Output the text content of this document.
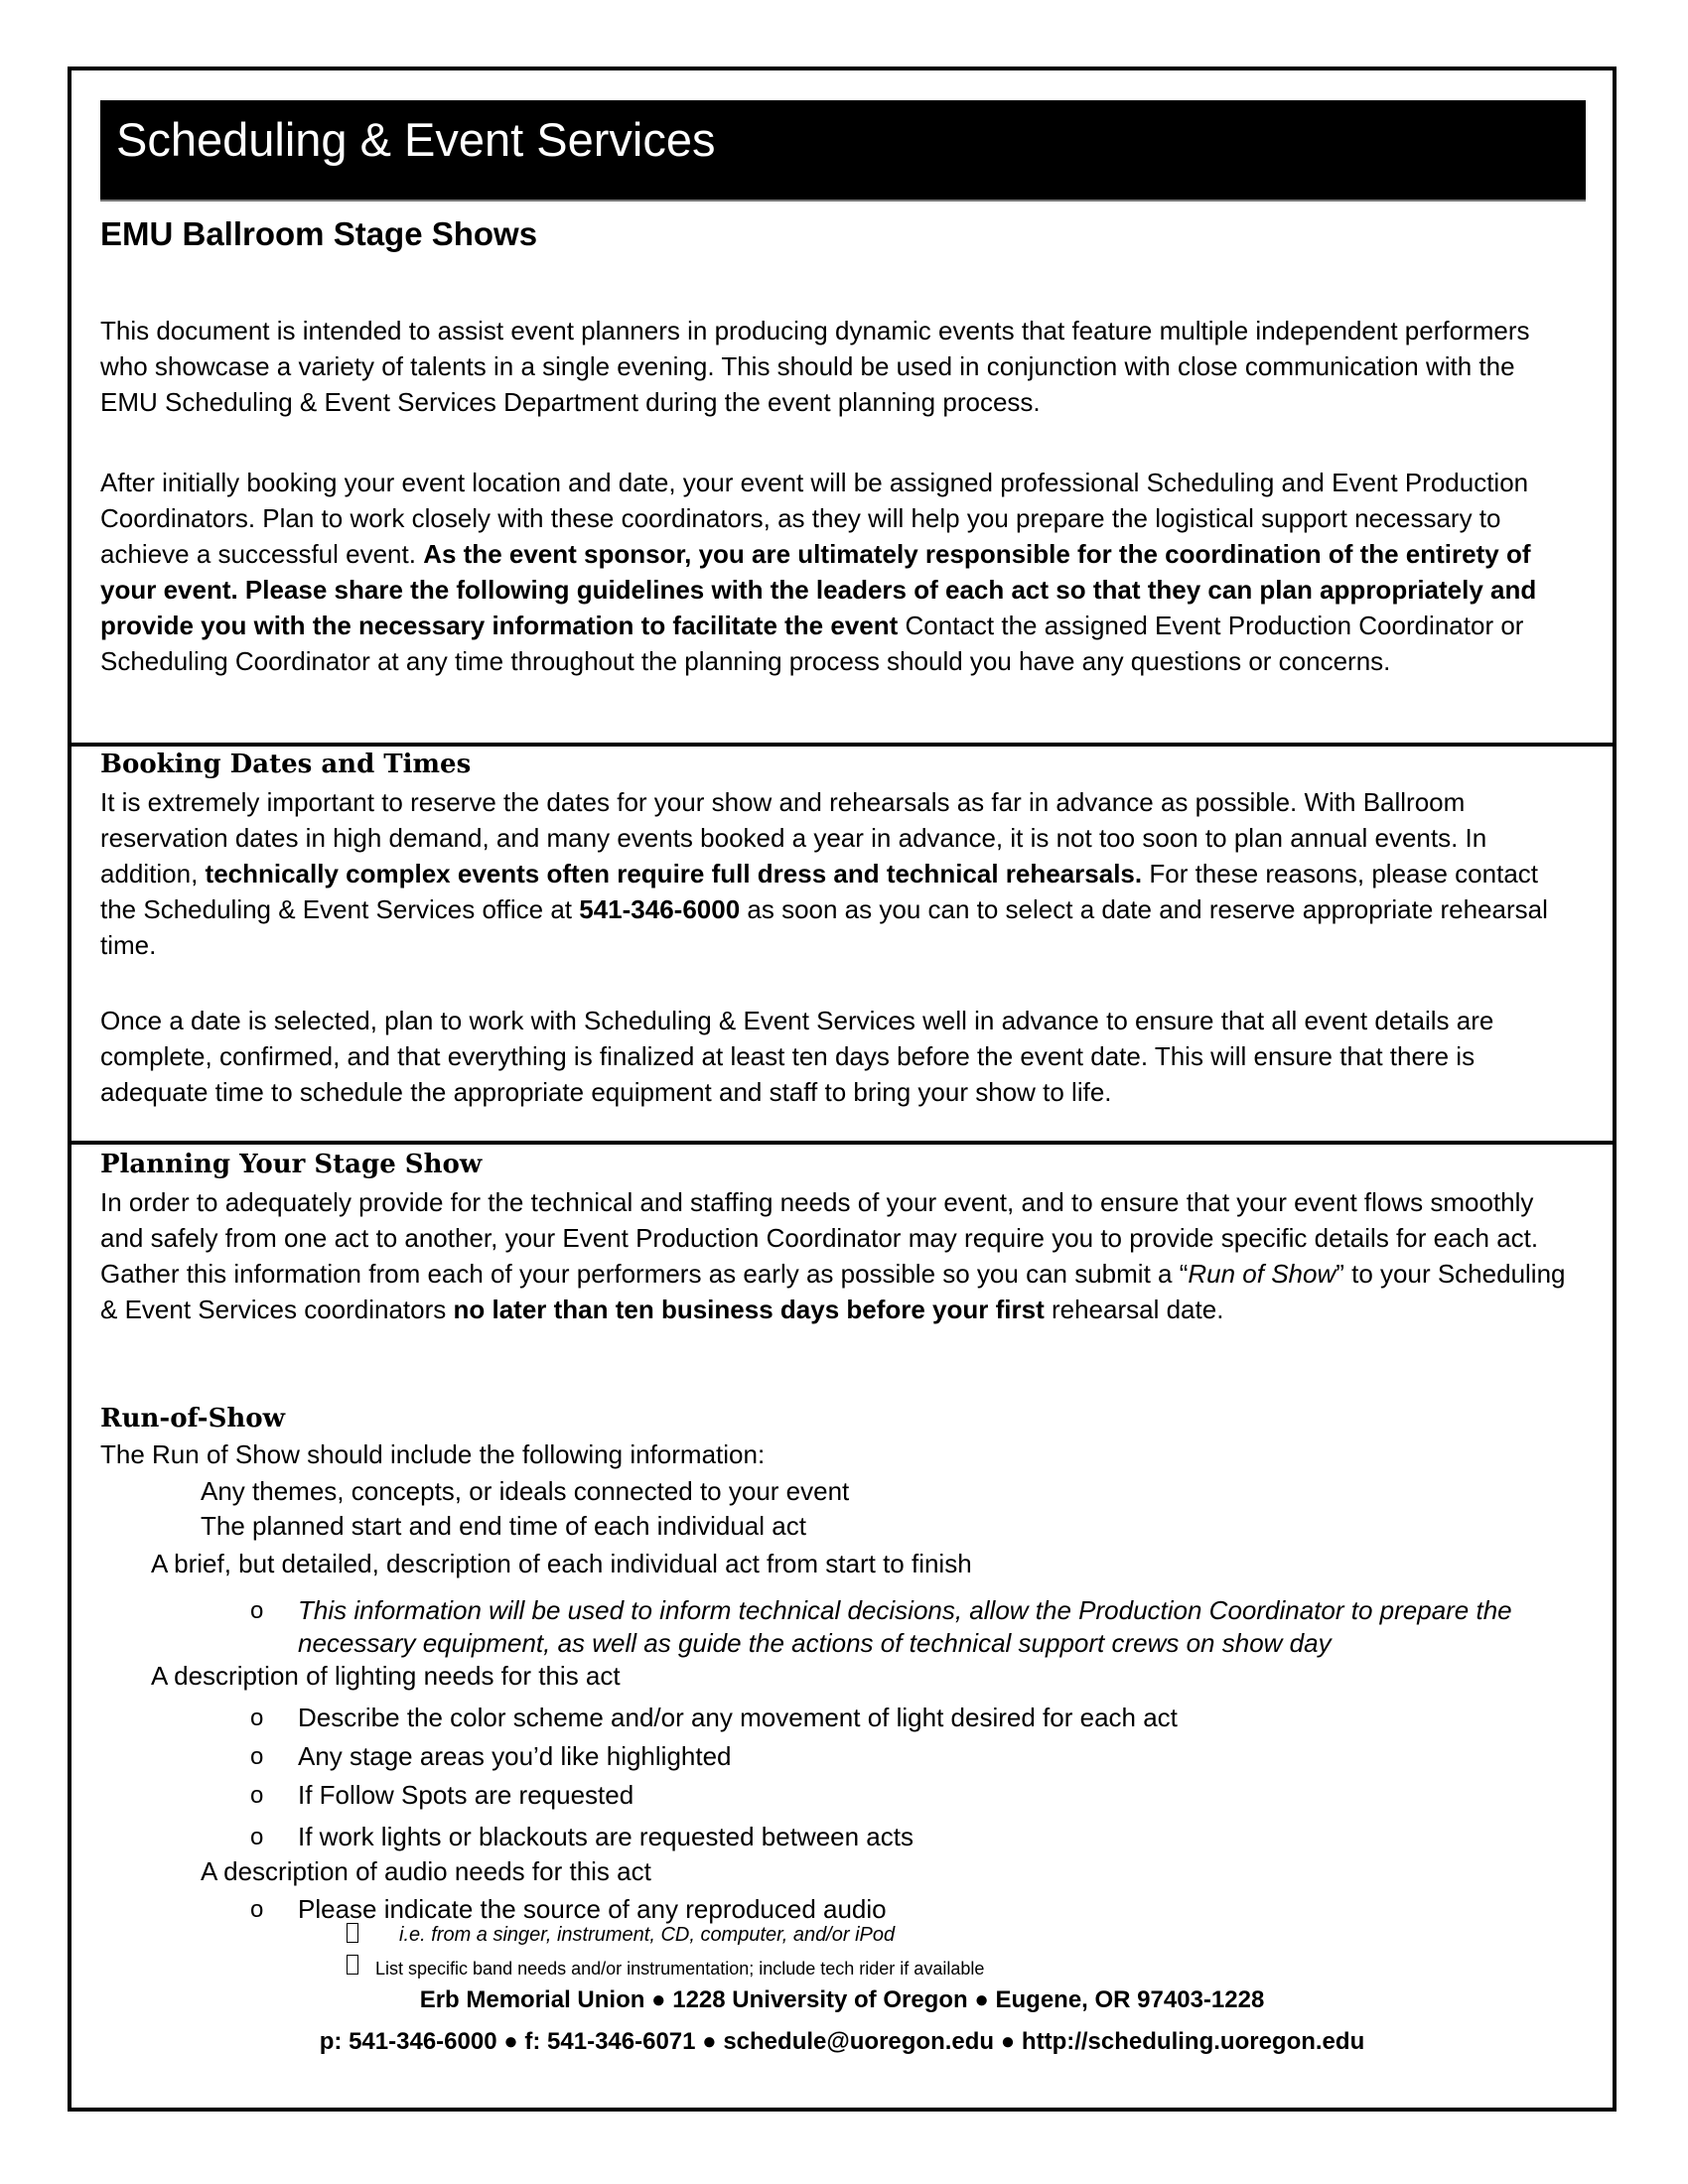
Scheduling & Event Services
EMU Ballroom Stage Shows

This document is intended to assist event planners in producing dynamic events that feature multiple independent performers who showcase a variety of talents in a single evening. This should be used in conjunction with close communication with the EMU Scheduling & Event Services Department during the event planning process.

After initially booking your event location and date, your event will be assigned professional Scheduling and Event Production Coordinators. Plan to work closely with these coordinators, as they will help you prepare the logistical support necessary to achieve a successful event. As the event sponsor, you are ultimately responsible for the coordination of the entirety of your event. Please share the following guidelines with the leaders of each act so that they can plan appropriately and provide you with the necessary information to facilitate the event Contact the assigned Event Production Coordinator or Scheduling Coordinator at any time throughout the planning process should you have any questions or concerns.

Booking Dates and Times

It is extremely important to reserve the dates for your show and rehearsals as far in advance as possible. With Ballroom reservation dates in high demand, and many events booked a year in advance, it is not too soon to plan annual events. In addition, technically complex events often require full dress and technical rehearsals. For these reasons, please contact the Scheduling & Event Services office at 541-346-6000 as soon as you can to select a date and reserve appropriate rehearsal time.

Once a date is selected, plan to work with Scheduling & Event Services well in advance to ensure that all event details are complete, confirmed, and that everything is finalized at least ten days before the event date. This will ensure that there is adequate time to schedule the appropriate equipment and staff to bring your show to life.

Planning Your Stage Show

In order to adequately provide for the technical and staffing needs of your event, and to ensure that your event flows smoothly and safely from one act to another, your Event Production Coordinator may require you to provide specific details for each act. Gather this information from each of your performers as early as possible so you can submit a “Run of Show” to your Scheduling & Event Services coordinators no later than ten business days before your first rehearsal date.

Run-of-Show

The Run of Show should include the following information:

Any themes, concepts, or ideals connected to your event
The planned start and end time of each individual act
A brief, but detailed, description of each individual act from start to finish
o This information will be used to inform technical decisions, allow the Production Coordinator to prepare the necessary equipment, as well as guide the actions of technical support crews on show day
A description of lighting needs for this act
o Describe the color scheme and/or any movement of light desired for each act
o Any stage areas you’d like highlighted
o If Follow Spots are requested
o If work lights or blackouts are requested between acts
A description of audio needs for this act
o Please indicate the source of any reproduced audio
i.e. from a singer, instrument, CD, computer, and/or iPod
List specific band needs and/or instrumentation; include tech rider if available
Erb Memorial Union ● 1228 University of Oregon ● Eugene, OR 97403-1228
p: 541-346-6000 ● f: 541-346-6071 ● schedule@uoregon.edu ● http://scheduling.uoregon.edu
